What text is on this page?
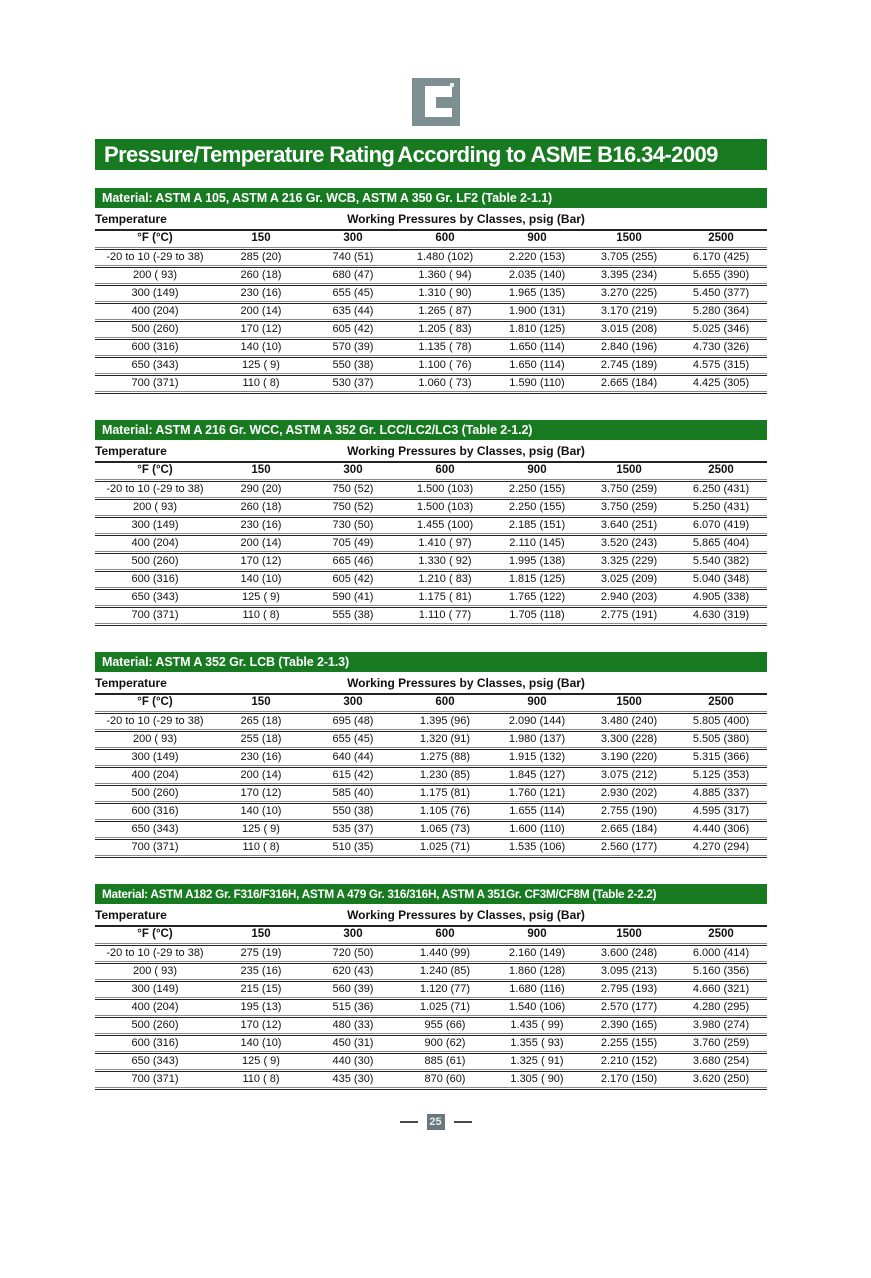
Pressure/Temperature Rating According to ASME B16.34-2009
Material: ASTM A 105, ASTM A 216 Gr. WCB, ASTM A 350 Gr. LF2 (Table 2-1.1)
Temperature	Working Pressures by Classes, psig (Bar)
°F (°C)	150	300	600	900	1500	2500
-20 to 10 (-29 to 38)	285 (20)	740 (51)	1.480 (102)	2.220 (153)	3.705 (255)	6.170 (425)
200 ( 93)	260 (18)	680 (47)	1.360 ( 94)	2.035 (140)	3.395 (234)	5.655 (390)
300 (149)	230 (16)	655 (45)	1.310 ( 90)	1.965 (135)	3.270 (225)	5.450 (377)
400 (204)	200 (14)	635 (44)	1.265 ( 87)	1.900 (131)	3.170 (219)	5.280 (364)
500 (260)	170 (12)	605 (42)	1.205 ( 83)	1.810 (125)	3.015 (208)	5.025 (346)
600 (316)	140 (10)	570 (39)	1.135 ( 78)	1.650 (114)	2.840 (196)	4.730 (326)
650 (343)	125 ( 9)	550 (38)	1.100 ( 76)	1.650 (114)	2.745 (189)	4.575 (315)
700 (371)	110 ( 8)	530 (37)	1.060 ( 73)	1.590 (110)	2.665 (184)	4.425 (305)
Material: ASTM A 216 Gr. WCC, ASTM A 352 Gr. LCC/LC2/LC3 (Table 2-1.2)
Temperature	Working Pressures by Classes, psig (Bar)
°F (°C)	150	300	600	900	1500	2500
-20 to 10 (-29 to 38)	290 (20)	750 (52)	1.500 (103)	2.250 (155)	3.750 (259)	6.250 (431)
200 ( 93)	260 (18)	750 (52)	1.500 (103)	2.250 (155)	3.750 (259)	5.250 (431)
300 (149)	230 (16)	730 (50)	1.455 (100)	2.185 (151)	3.640 (251)	6.070 (419)
400 (204)	200 (14)	705 (49)	1.410 ( 97)	2.110 (145)	3.520 (243)	5.865 (404)
500 (260)	170 (12)	665 (46)	1.330 ( 92)	1.995 (138)	3.325 (229)	5.540 (382)
600 (316)	140 (10)	605 (42)	1.210 ( 83)	1.815 (125)	3.025 (209)	5.040 (348)
650 (343)	125 ( 9)	590 (41)	1.175 ( 81)	1.765 (122)	2.940 (203)	4.905 (338)
700 (371)	110 ( 8)	555 (38)	1.110 ( 77)	1.705 (118)	2.775 (191)	4.630 (319)
Material: ASTM A 352 Gr. LCB (Table 2-1.3)
Temperature	Working Pressures by Classes, psig (Bar)
°F (°C)	150	300	600	900	1500	2500
-20 to 10 (-29 to 38)	265 (18)	695 (48)	1.395 (96)	2.090 (144)	3.480 (240)	5.805 (400)
200 ( 93)	255 (18)	655 (45)	1.320 (91)	1.980 (137)	3.300 (228)	5.505 (380)
300 (149)	230 (16)	640 (44)	1.275 (88)	1.915 (132)	3.190 (220)	5.315 (366)
400 (204)	200 (14)	615 (42)	1.230 (85)	1.845 (127)	3.075 (212)	5.125 (353)
500 (260)	170 (12)	585 (40)	1.175 (81)	1.760 (121)	2.930 (202)	4.885 (337)
600 (316)	140 (10)	550 (38)	1.105 (76)	1.655 (114)	2.755 (190)	4.595 (317)
650 (343)	125 ( 9)	535 (37)	1.065 (73)	1.600 (110)	2.665 (184)	4.440 (306)
700 (371)	110 ( 8)	510 (35)	1.025 (71)	1.535 (106)	2.560 (177)	4.270 (294)
Material: ASTM A182 Gr. F316/F316H, ASTM A 479 Gr. 316/316H, ASTM A 351Gr. CF3M/CF8M (Table 2-2.2)
Temperature	Working Pressures by Classes, psig (Bar)
°F (°C)	150	300	600	900	1500	2500
-20 to 10 (-29 to 38)	275 (19)	720 (50)	1.440 (99)	2.160 (149)	3.600 (248)	6.000 (414)
200 ( 93)	235 (16)	620 (43)	1.240 (85)	1.860 (128)	3.095 (213)	5.160 (356)
300 (149)	215 (15)	560 (39)	1.120 (77)	1.680 (116)	2.795 (193)	4.660 (321)
400 (204)	195 (13)	515 (36)	1.025 (71)	1.540 (106)	2.570 (177)	4.280 (295)
500 (260)	170 (12)	480 (33)	955 (66)	1.435 ( 99)	2.390 (165)	3.980 (274)
600 (316)	140 (10)	450 (31)	900 (62)	1.355 ( 93)	2.255 (155)	3.760 (259)
650 (343)	125 ( 9)	440 (30)	885 (61)	1.325 ( 91)	2.210 (152)	3.680 (254)
700 (371)	110 ( 8)	435 (30)	870 (60)	1.305 ( 90)	2.170 (150)	3.620 (250)
25
